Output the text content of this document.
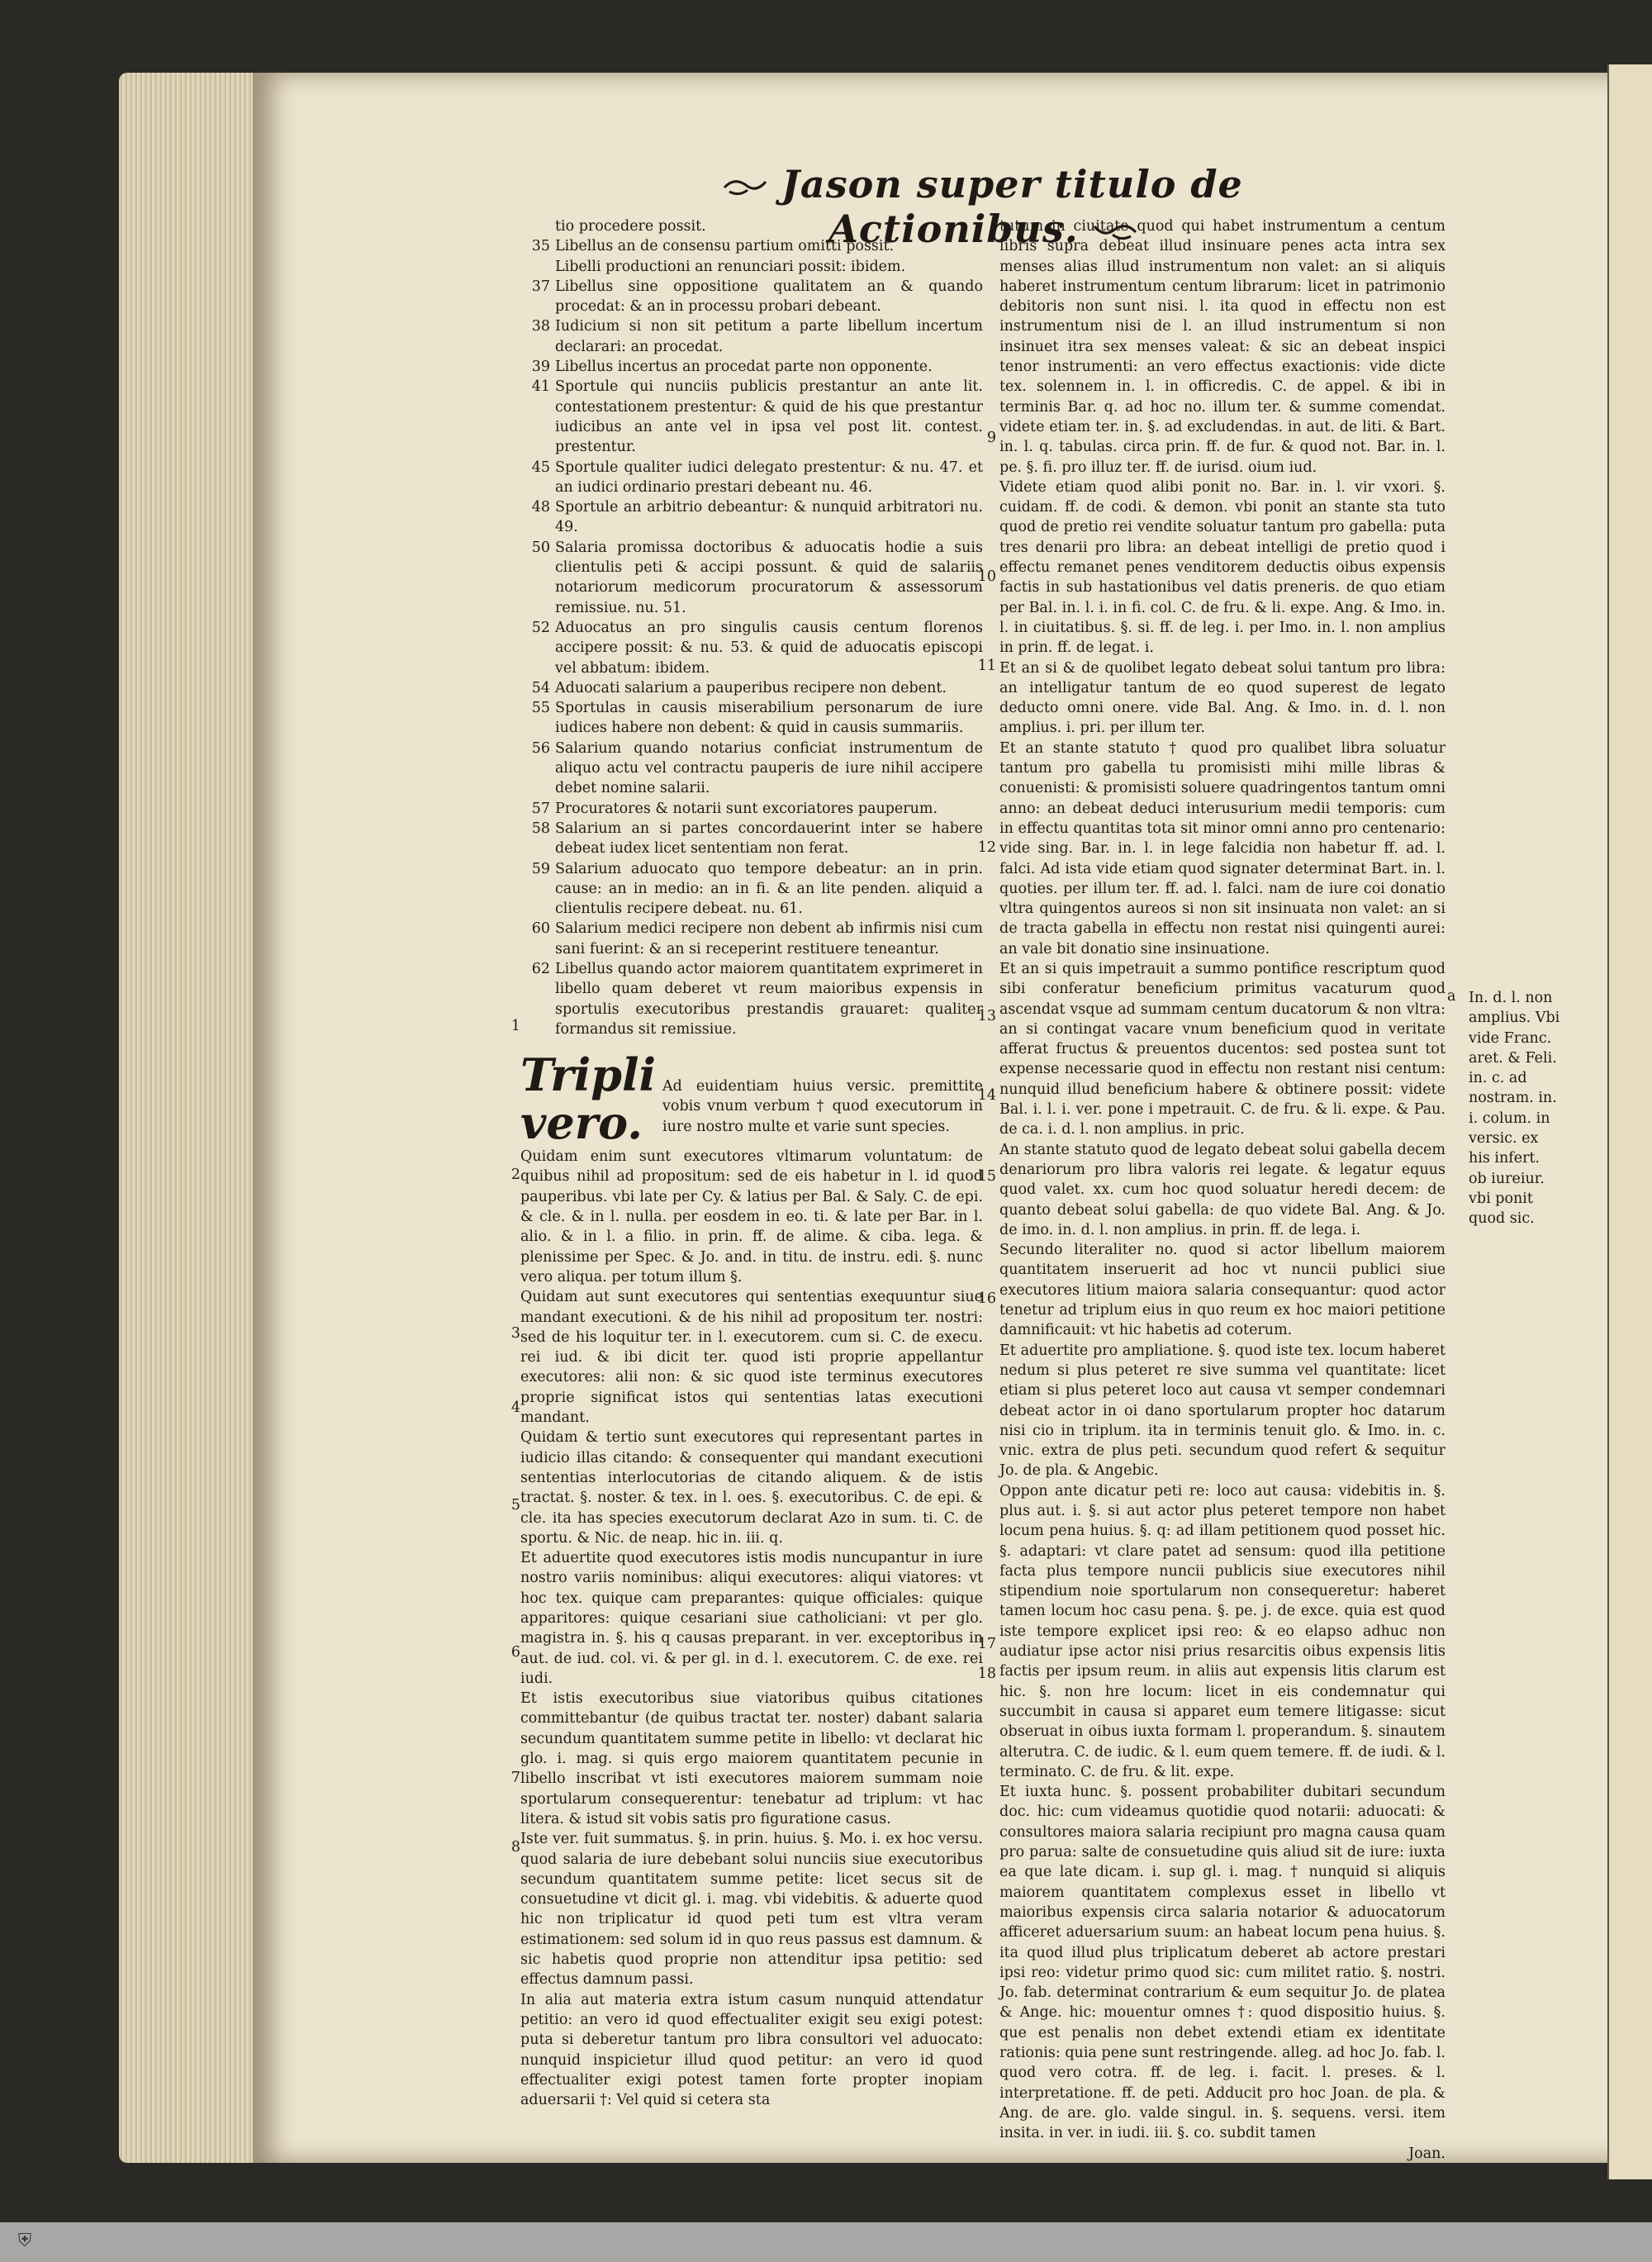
Jason super titulo de Actionibus.
tio procedere possit.
35 Libellus an de consensu partium omitti possit.
Libelli productioni an renunciari possit: ibidem.
37 Libellus sine oppositione qualitatem an & quando procedat: & an in processu probari debeant.
38 Iudicium si non sit petitum a parte libellum incertum declarari: an procedat.
39 Libellus incertus an procedat parte non opponente.
41 Sportule qui nunciis publicis prestantur an ante lit. contestationem prestentur: & quid de his que prestantur iudicibus an ante vel in ipsa vel post lit. contest. prestentur.
45 Sportule qualiter iudici delegato prestentur: & nu. 47. et an iudici ordinario prestari debeant nu. 46.
48 Sportule an arbitrio debeantur: & nunquid arbitratori nu. 49.
50 Salaria promissa doctoribus & aduocatis hodie a suis clientulis peti & accipi possunt. & quid de salariis notariorum medicorum procuratorum & assessorum remissiue. nu. 51.
52 Aduocatus an pro singulis causis centum florenos accipere possit: & nu. 53. & quid de aduocatis episcopi vel abbatum: ibidem.
54 Aduocati salarium a pauperibus recipere non debent.
55 Sportulas in causis miserabilium personarum de iure iudices habere non debent: & quid in causis summariis.
56 Salarium quando notarius conficiat instrumentum de aliquo actu vel contractu pauperis de iure nihil accipere debet nomine salarii.
57 Procuratores & notarii sunt excoriatores pauperum.
58 Salarium an si partes concordauerint inter se habere debeat iudex licet sententiam non ferat.
59 Salarium aduocato quo tempore debeatur: an in prin. cause: an in medio: an in fi. & an lite penden. aliquid a clientulis recipere debeat. nu. 61.
60 Salarium medici recipere non debent ab infirmis nisi cum sani fuerint: & an si receperint restituere teneantur.
62 Libellus quando actor maiorem quantitatem exprimeret in libello quam deberet vt reum maioribus expensis in sportulis executoribus prestandis grauaret: qualiter formandus sit remissiue.
Tripli vero.
Ad euidentiam huius versic. premittite vobis vnum verbum † quod executorum in iure nostro multe et varie sunt species.
Quidam enim sunt executores vltimarum voluntatum: de quibus nihil ad propositum: sed de eis habetur in l. id quod pauperibus. vbi late per Cy. & latius per Bal. & Saly. C. de epi. & cle. & in l. nulla. per eosdem in eo. ti. & late per Bar. in l. alio. & in l. a filio. in prin. ff. de alime. & ciba. lega. & plenissime per Spec. & Jo. and. in titu. de instru. edi. §. nunc vero aliqua. per totum illum §.
Quidam aut sunt executores qui sententias exequuntur siue mandant executioni. & de his nihil ad propositum ter. nostri: sed de his loquitur ter. in l. executorem. cum si. C. de execu. rei iud. & ibi dicit ter. quod isti proprie appellantur executores: alii non: & sic quod iste terminus executores proprie significat istos qui sententias latas executioni mandant.
Quidam & tertio sunt executores qui representant partes in iudicio illas citando: & consequenter qui mandant executioni sententias interlocutorias de citando aliquem. & de istis tractat. §. noster. & tex. in l. oes. §. executoribus. C. de epi. & cle. ita has species executorum declarat Azo in sum. ti. C. de sportu. & Nic. de neap. hic in. iii. q.
Et aduertite quod executores istis modis nuncupantur in iure nostro variis nominibus: aliqui executores: aliqui viatores: vt hoc tex. quique cam preparantes: quique officiales: quique apparitores: quique cesariani siue catholiciani: vt per glo. magistra in. §. his q causas preparant. in ver. exceptoribus in aut. de iud. col. vi. & per gl. in d. l. executorem. C. de exe. rei iudi.
Et istis executoribus siue viatoribus quibus citationes committebantur (de quibus tractat ter. noster) dabant salaria secundum quantitatem summe petite in libello: vt declarat hic glo. i. mag. si quis ergo maiorem quantitatem pecunie in libello inscribat vt isti executores maiorem summam noie sportularum consequerentur: tenebatur ad triplum: vt hac litera. & istud sit vobis satis pro figuratione casus.
Iste ver. fuit summatus. §. in prin. huius. §. Mo. i. ex hoc versu. quod salaria de iure debebant solui nunciis siue executoribus secundum quantitatem summe petite: licet secus sit de consuetudine vt dicit gl. i. mag. vbi videbitis. & aduerte quod hic non triplicatur id quod peti tum est vltra veram estimationem: sed solum id in quo reus passus est damnum. & sic habetis quod proprie non attenditur ipsa petitio: sed effectus damnum passi.
In alia aut materia extra istum casum nunquid attendatur petitio: an vero id quod effectualiter exigit seu exigi potest: puta si deberetur tantum pro libra consultori vel aduocato: nunquid inspicietur illud quod petitur: an vero id quod effectualiter exigi potest tamen forte propter inopiam aduersarii †: Vel quid si cetera sta
tutum in ciuitate quod qui habet instrumentum a centum libris supra debeat illud insinuare penes acta intra sex menses alias illud instrumentum non valet: an si aliquis haberet instrumentum centum librarum: licet in patrimonio debitoris non sunt nisi. l. ita quod in effectu non est instrumentum nisi de l. an illud instrumentum si non insinuet itra sex menses valeat: & sic an debeat inspici tenor instrumenti: an vero effectus exactionis: vide dicte tex. solennem in. l. in officredis. C. de appel. & ibi in terminis Bar. q. ad hoc no. illum ter. & summe comendat. videte etiam ter. in. §. ad excludendas. in aut. de liti. & Bart. in. l. q. tabulas. circa prin. ff. de fur. & quod not. Bar. in. l. pe. §. fi. pro illuz ter. ff. de iurisd. oium iud.
Videte etiam quod alibi ponit no. Bar. in. l. vir vxori. §. cuidam. ff. de codi. & demon. vbi ponit an stante sta tuto quod de pretio rei vendite soluatur tantum pro gabella: puta tres denarii pro libra: an debeat intelligi de pretio quod i effectu remanet penes venditorem deductis oibus expensis factis in sub hastationibus vel datis preneris. de quo etiam per Bal. in. l. i. in fi. col. C. de fru. & li. expe. Ang. & Imo. in. l. in ciuitatibus. §. si. ff. de leg. i. per Imo. in. l. non amplius in prin. ff. de legat. i.
Et an si & de quolibet legato debeat solui tantum pro libra: an intelligatur tantum de eo quod superest de legato deducto omni onere. vide Bal. Ang. & Imo. in. d. l. non amplius. i. pri. per illum ter.
Et an stante statuto † quod pro qualibet libra soluatur tantum pro gabella tu promisisti mihi mille libras & conuenisti: & promisisti soluere quadringentos tantum omni anno: an debeat deduci interusurium medii temporis: cum in effectu quantitas tota sit minor omni anno pro centenario: vide sing. Bar. in. l. in lege falcidia non habetur ff. ad. l. falci. Ad ista vide etiam quod signater determinat Bart. in. l. quoties. per illum ter. ff. ad. l. falci. nam de iure coi donatio vltra quingentos aureos si non sit insinuata non valet: an si de tracta gabella in effectu non restat nisi quingenti aurei: an vale bit donatio sine insinuatione.
Et an si quis impetrauit a summo pontifice rescriptum quod sibi conferatur beneficium primitus vacaturum quod ascendat vsque ad summam centum ducatorum & non vltra: an si contingat vacare vnum beneficium quod in veritate afferat fructus & preuentos ducentos: sed postea sunt tot expense necessarie quod in effectu non restant nisi centum: nunquid illud beneficium habere & obtinere possit: videte Bal. i. l. i. ver. pone i mpetrauit. C. de fru. & li. expe. & Pau. de ca. i. d. l. non amplius. in pric.
An stante statuto quod de legato debeat solui gabella decem denariorum pro libra valoris rei legate. & legatur equus quod valet. xx. cum hoc quod soluatur heredi decem: de quanto debeat solui gabella: de quo videte Bal. Ang. & Jo. de imo. in. d. l. non amplius. in prin. ff. de lega. i.
Secundo literaliter no. quod si actor libellum maiorem quantitatem inseruerit ad hoc vt nuncii publici siue executores litium maiora salaria consequantur: quod actor tenetur ad triplum eius in quo reum ex hoc maiori petitione damnificauit: vt hic habetis ad coterum.
Et aduertite pro ampliatione. §. quod iste tex. locum haberet nedum si plus peteret re sive summa vel quantitate: licet etiam si plus peteret loco aut causa vt semper condemnari debeat actor in oi dano sportularum propter hoc datarum nisi cio in triplum. ita in terminis tenuit glo. & Imo. in. c. vnic. extra de plus peti. secundum quod refert & sequitur Jo. de pla. & Angebic.
Oppon ante dicatur peti re: loco aut causa: videbitis in. §. plus aut. i. §. si aut actor plus peteret tempore non habet locum pena huius. §. q: ad illam petitionem quod posset hic. §. adaptari: vt clare patet ad sensum: quod illa petitione facta plus tempore nuncii publicis siue executores nihil stipendium noie sportularum non consequeretur: haberet tamen locum hoc casu pena. §. pe. j. de exce. quia est quod iste tempore explicet ipsi reo: & eo elapso adhuc non audiatur ipse actor nisi prius resarcitis oibus expensis litis factis per ipsum reum. in aliis aut expensis litis clarum est hic. §. non hre locum: licet in eis condemnatur qui succumbit in causa si apparet eum temere litigasse: sicut obseruat in oibus iuxta formam l. properandum. §. sinautem alterutra. C. de iudic. & l. eum quem temere. ff. de iudi. & l. terminato. C. de fru. & lit. expe.
Et iuxta hunc. §. possent probabiliter dubitari secundum doc. hic: cum videamus quotidie quod notarii: aduocati: & consultores maiora salaria recipiunt pro magna causa quam pro parua: salte de consuetudine quis aliud sit de iure: iuxta ea que late dicam. i. sup gl. i. mag. † nunquid si aliquis maiorem quantitatem complexus esset in libello vt maioribus expensis circa salaria notarior & aduocatorum afficeret aduersarium suum: an habeat locum pena huius. §. ita quod illud plus triplicatum deberet ab actore prestari ipsi reo: videtur primo quod sic: cum militet ratio. §. nostri. Jo. fab. determinat contrarium & eum sequitur Jo. de platea & Ange. hic: mouentur omnes †: quod dispositio huius. §. que est penalis non debet extendi etiam ex identitate rationis: quia pene sunt restringende. alleg. ad hoc Jo. fab. l. quod vero cotra. ff. de leg. i. facit. l. preses. & l. interpretatione. ff. de peti. Adducit pro hoc Joan. de pla. & Ang. de are. glo. valde singul. in. §. sequens. versi. item insita. in ver. in iudi. iii. §. co. subdit tamen
Joan.
a In. d. l. non amplius. Vbi vide Franc. aret. & Feli. in. c. ad nostram. in. i. colum. in versic. ex his infert. ob iureiur. vbi ponit quod sic.
1
2
3
4
5
6
7
8
9
10
11
12
13
14
15
16
17
18
⛨
